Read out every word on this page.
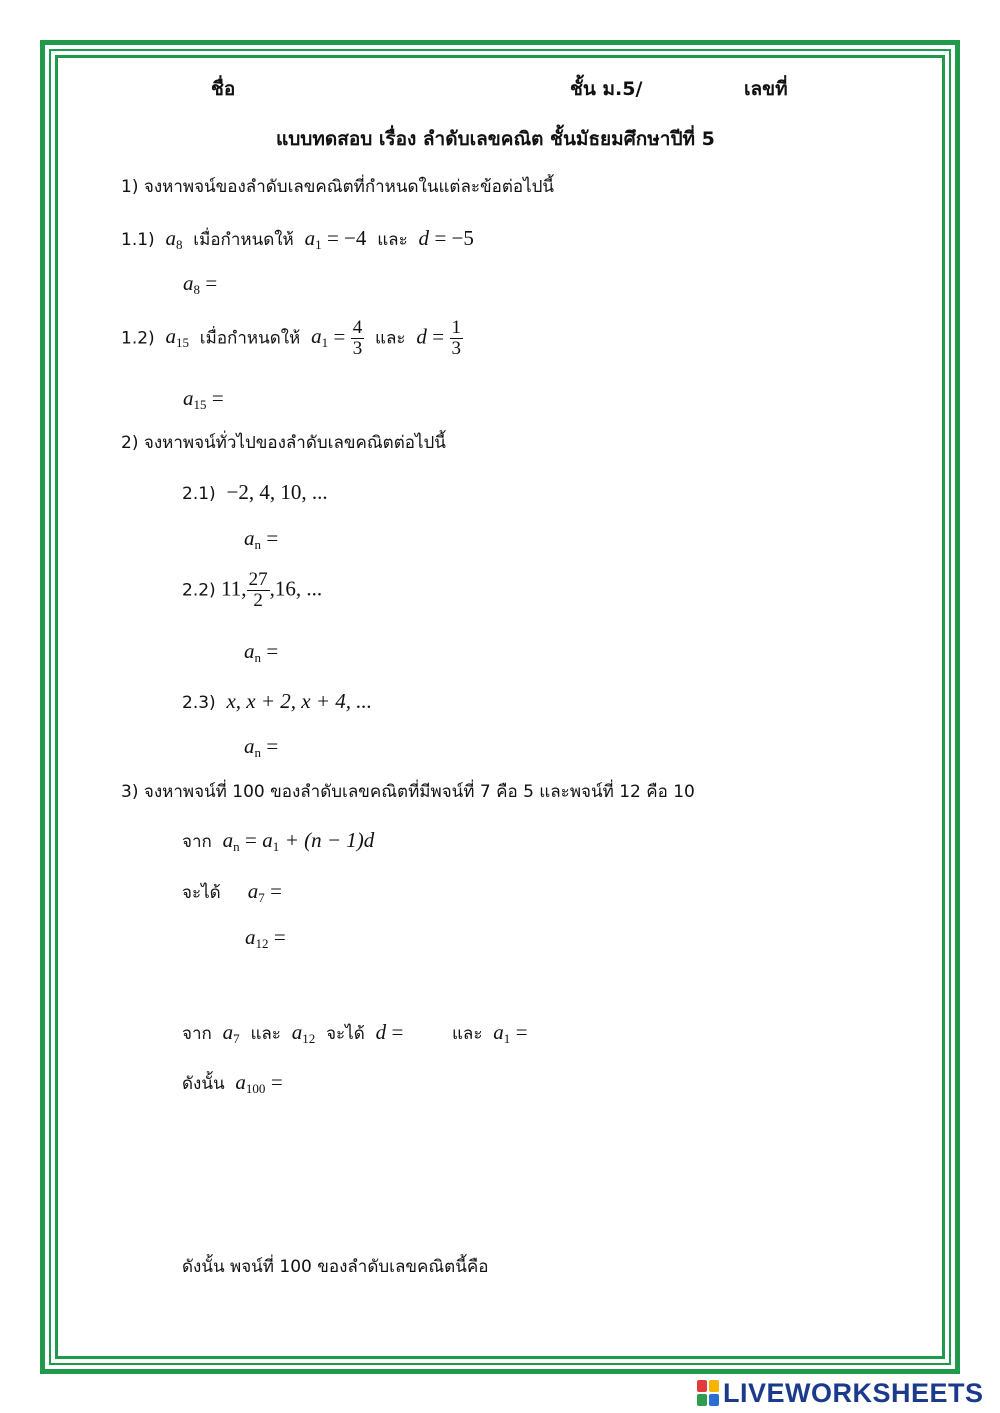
ชื่อ	ชั้น ม.5/	เลขที่
แบบทดสอบ เรื่อง ลำดับเลขคณิต ชั้นมัธยมศึกษาปีที่ 5
1) จงหาพจน์ของลำดับเลขคณิตที่กำหนดในแต่ละข้อต่อไปนี้
1.1) $a_8$ เมื่อกำหนดให้ $a_1 = -4$ และ d = −5
$a_8$ =
1.2) $a_{15}$ เมื่อกำหนดให้ $a_1 = \frac{4}{3}$ และ $d = \frac{1}{3}$
$a_{15}$ =
2) จงหาพจน์ทั่วไปของลำดับเลขคณิตต่อไปนี้
2.1) −2, 4, 10, ...
$a_n$ =
2.2) 11, $\frac{27}{2} ,16$, ...
$a_n$ =
2.3) x, x + 2, x + 4, ...
$a_n$ =
3) จงหาพจน์ที่ 100 ของลำดับเลขคณิตที่มีพจน์ที่ 7 คือ 5 และพจน์ที่ 12 คือ 10
จาก $a_n = a_1 + (n - 1)d$
จะได้ $a_7$ =
$a_{12}$ =
จาก $a_7$ และ $a_{12}$ จะได้ d =	และ $a_1$ =
ดังนั้น $a_{100}$ =
ดังนั้น พจน์ที่ 100 ของลำดับเลขคณิตนี้คือ
LIVEWORKSHEETS
